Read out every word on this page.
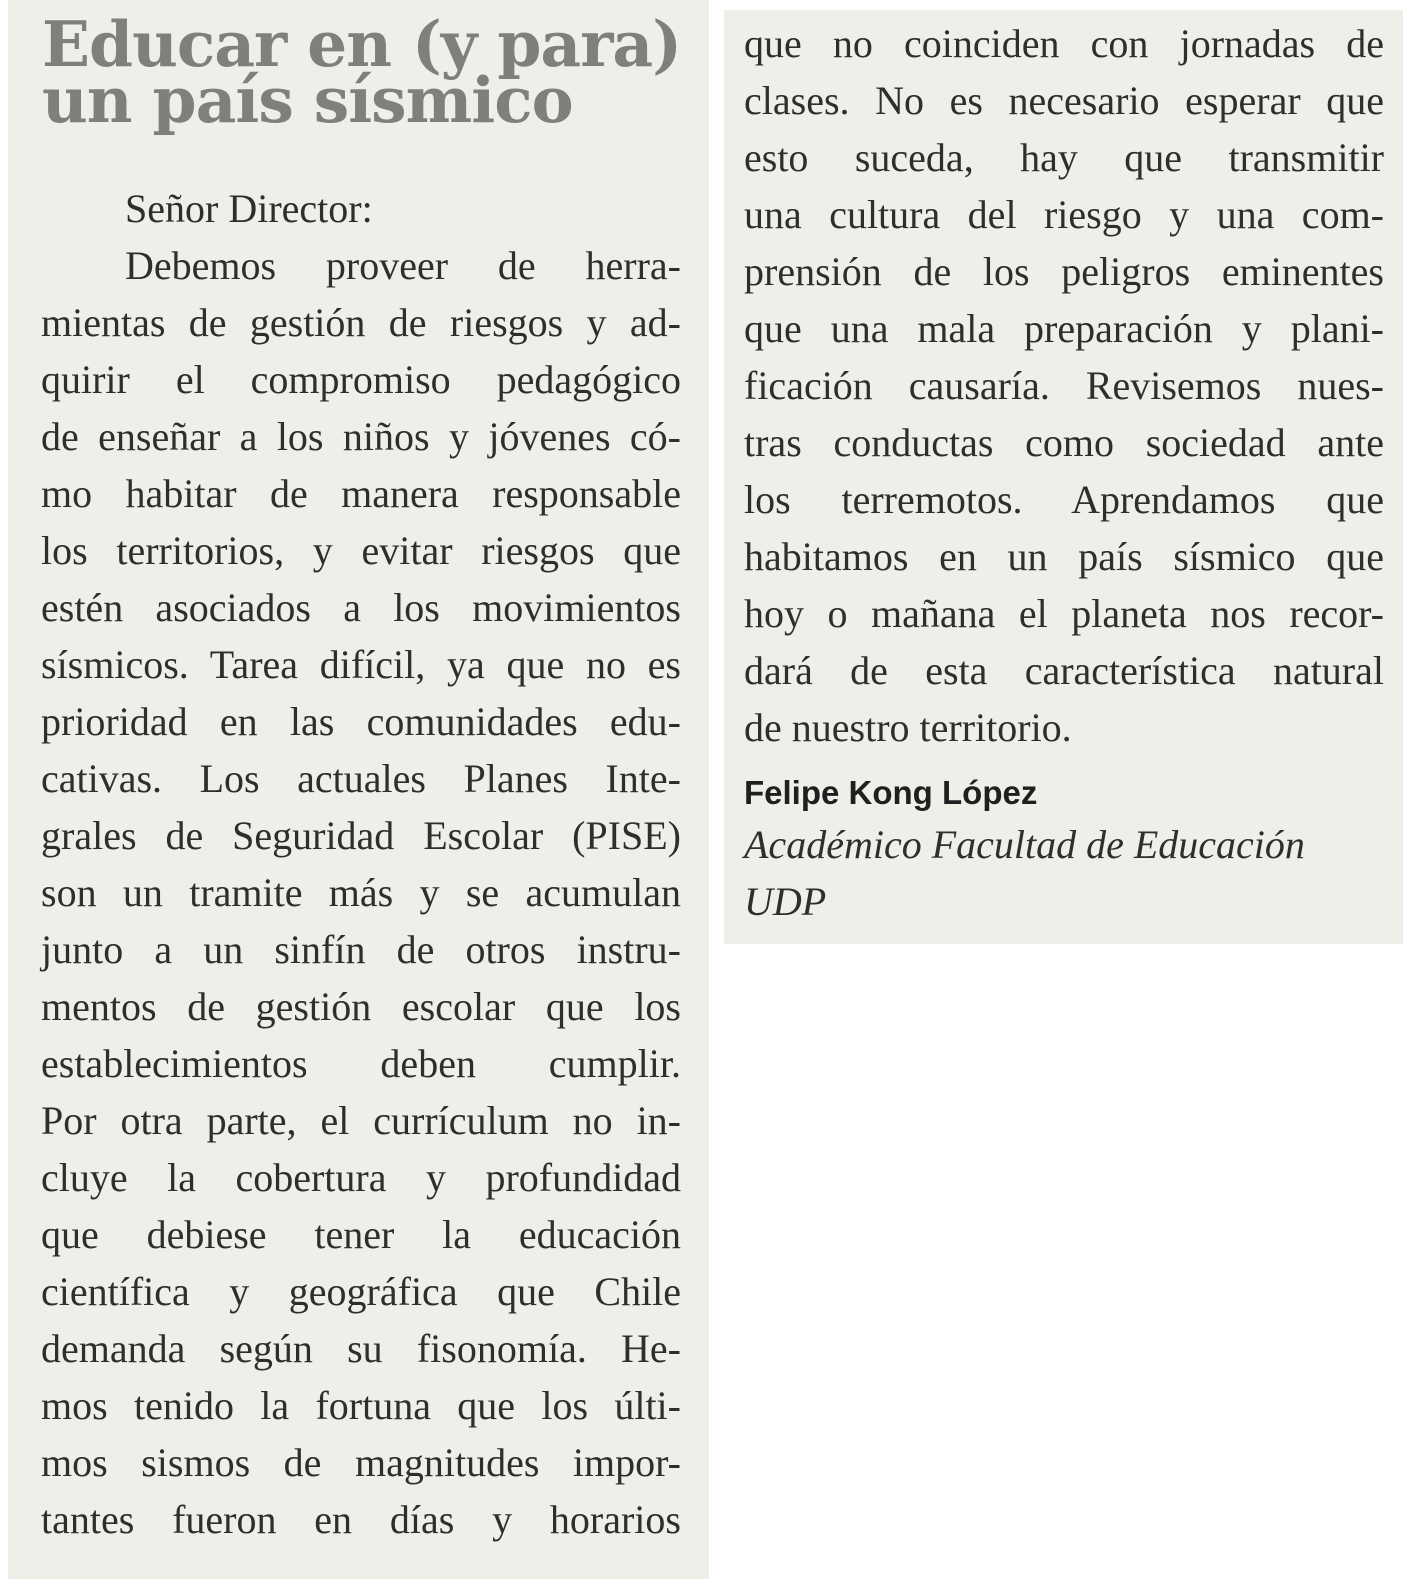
Educar en (y para) un país sísmico
Señor Director:
Debemos proveer de herra-
mientas de gestión de riesgos y ad-
quirir el compromiso pedagógico
de enseñar a los niños y jóvenes có-
mo habitar de manera responsable
los territorios, y evitar riesgos que
estén asociados a los movimientos
sísmicos. Tarea difícil, ya que no es
prioridad en las comunidades edu-
cativas. Los actuales Planes Inte-
grales de Seguridad Escolar (PISE)
son un tramite más y se acumulan
junto a un sinfín de otros instru-
mentos de gestión escolar que los
establecimientos deben cumplir.
Por otra parte, el currículum no in-
cluye la cobertura y profundidad
que debiese tener la educación
científica y geográfica que Chile
demanda según su fisonomía. He-
mos tenido la fortuna que los últi-
mos sismos de magnitudes impor-
tantes fueron en días y horarios
que no coinciden con jornadas de
clases. No es necesario esperar que
esto suceda, hay que transmitir
una cultura del riesgo y una com-
prensión de los peligros eminentes
que una mala preparación y plani-
ficación causaría. Revisemos nues-
tras conductas como sociedad ante
los terremotos. Aprendamos que
habitamos en un país sísmico que
hoy o mañana el planeta nos recor-
dará de esta característica natural
de nuestro territorio.
Felipe Kong López
Académico Facultad de Educación
UDP
